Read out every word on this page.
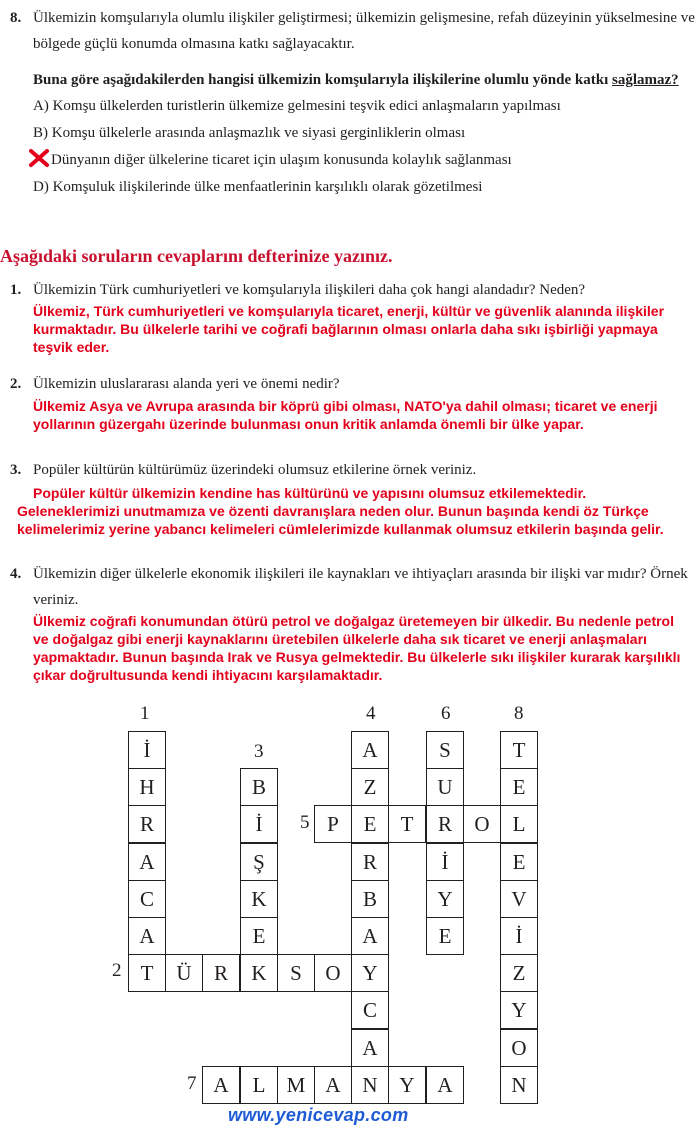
8. Ülkemizin komşularıyla olumlu ilişkiler geliştirmesi; ülkemizin gelişmesine, refah düzeyinin yükselmesine ve
bölgede güçlü konumda olmasına katkı sağlayacaktır.
Buna göre aşağıdakilerden hangisi ülkemizin komşularıyla ilişkilerine olumlu yönde katkı sağlamaz?
A) Komşu ülkelerden turistlerin ülkemize gelmesini teşvik edici anlaşmaların yapılması
B) Komşu ülkelerle arasında anlaşmazlık ve siyasi gerginliklerin olması
Dünyanın diğer ülkelerine ticaret için ulaşım konusunda kolaylık sağlanması
D) Komşuluk ilişkilerinde ülke menfaatlerinin karşılıklı olarak gözetilmesi
Aşağıdaki soruların cevaplarını defterinize yazınız.
1. Ülkemizin Türk cumhuriyetleri ve komşularıyla ilişkileri daha çok hangi alandadır? Neden?
Ülkemiz, Türk cumhuriyetleri ve komşularıyla ticaret, enerji, kültür ve güvenlik alanında ilişkiler
kurmaktadır. Bu ülkelerle tarihi ve coğrafi bağlarının olması onlarla daha sıkı işbirliği yapmaya
teşvik eder.
2. Ülkemizin uluslararası alanda yeri ve önemi nedir?
Ülkemiz Asya ve Avrupa arasında bir köprü gibi olması, NATO'ya dahil olması; ticaret ve enerji
yollarının güzergahı üzerinde bulunması onun kritik anlamda önemli bir ülke yapar.
3. Popüler kültürün kültürümüz üzerindeki olumsuz etkilerine örnek veriniz.
Popüler kültür ülkemizin kendine has kültürünü ve yapısını olumsuz etkilemektedir.
Geleneklerimizi unutmamıza ve özenti davranışlara neden olur. Bunun başında kendi öz Türkçe
kelimelerimiz yerine yabancı kelimeleri cümlelerimizde kullanmak olumsuz etkilerin başında gelir.
4. Ülkemizin diğer ülkelerle ekonomik ilişkileri ile kaynakları ve ihtiyaçları arasında bir ilişki var mıdır? Örnek
veriniz.
Ülkemiz coğrafi konumundan ötürü petrol ve doğalgaz üretemeyen bir ülkedir. Bu nedenle petrol
ve doğalgaz gibi enerji kaynaklarını üretebilen ülkelerle daha sık ticaret ve enerji anlaşmaları
yapmaktadır. Bunun başında Irak ve Rusya gelmektedir. Bu ülkelerle sıkı ilişkiler kurarak karşılıklı
çıkar doğrultusunda kendi ihtiyacını karşılamaktadır.
1
2
3
4
5
6
7
8
İ
H
R
A
C
A
T
B
İ
Ş
K
E
K
A
Z
E
R
B
A
Y
C
A
N
S
U
R
İ
Y
E
T
E
L
E
V
İ
Z
Y
O
N
P	T	O
Ü	R	S	O
A	L	M A	Y	A
www.yenicevap.com
